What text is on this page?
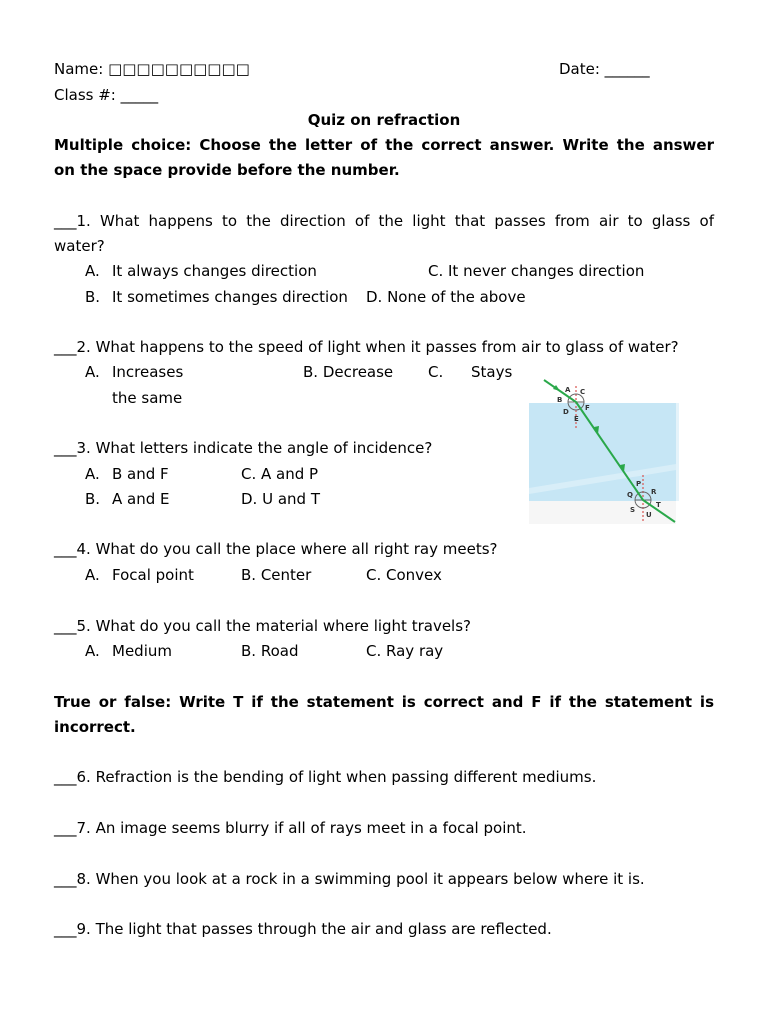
Name: □□□□□□□□□□	Date: ______
Class #: _____
Quiz on refraction
Multiple choice: Choose the letter of the correct answer. Write the answer
on the space provide before the number.
___1. What happens to the direction of the light that passes from air to glass of
water?
A. It always changes direction	C. It never changes direction
B. It sometimes changes direction D. None of the above
___2. What happens to the speed of light when it passes from air to glass of water?
A. Increases	B. Decrease C. Stays
the same
___3. What letters indicate the angle of incidence?
A. B and F	C. A and P
B. A and E	D. U and T
___4. What do you call the place where all right ray meets?
A. Focal point	B. Center	C. Convex
___5. What do you call the material where light travels?
A. Medium	B. Road	C. Ray ray
True or false: Write T if the statement is correct and F if the statement is
incorrect.
___6. Refraction is the bending of light when passing different mediums.
___7. An image seems blurry if all of rays meet in a focal point.
___8. When you look at a rock in a swimming pool it appears below where it is.
___9. The light that passes through the air and glass are reflected.
A
B
C
D
E
F
P
Q	R
S
T
U
